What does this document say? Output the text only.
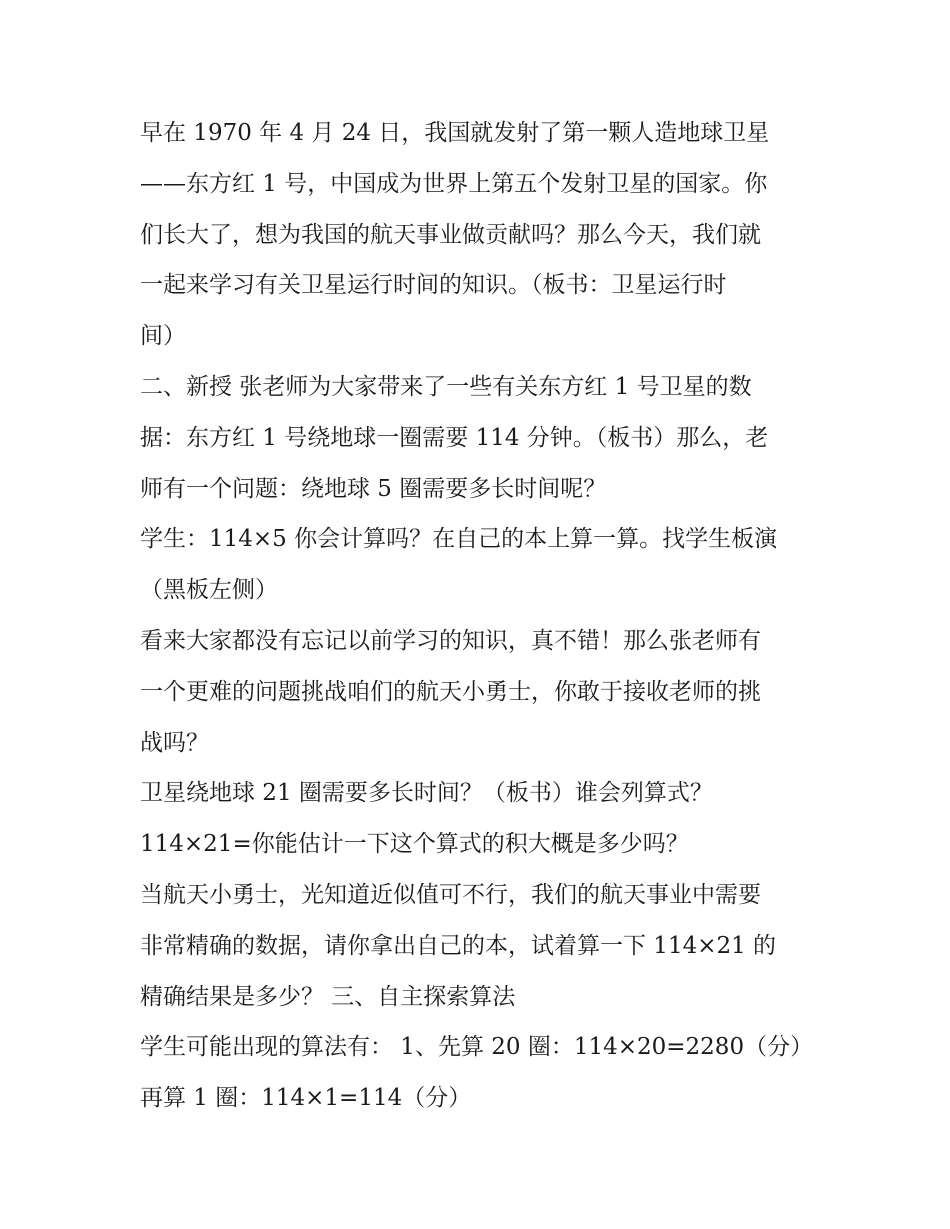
早在 1970 年 4 月 24 日，我国就发射了第一颗人造地球卫星
——东方红 1 号，中国成为世界上第五个发射卫星的国家。你
们长大了，想为我国的航天事业做贡献吗？那么今天，我们就
一起来学习有关卫星运行时间的知识。（板书：卫星运行时
间）
二、新授 张老师为大家带来了一些有关东方红 1 号卫星的数
据：东方红 1 号绕地球一圈需要 114 分钟。（板书）那么，老
师有一个问题：绕地球 5 圈需要多长时间呢？
学生：114×5 你会计算吗？在自己的本上算一算。找学生板演
（黑板左侧）
看来大家都没有忘记以前学习的知识，真不错！那么张老师有
一个更难的问题挑战咱们的航天小勇士，你敢于接收老师的挑
战吗？
卫星绕地球 21 圈需要多长时间？（板书）谁会列算式？
114×21=你能估计一下这个算式的积大概是多少吗？
当航天小勇士，光知道近似值可不行，我们的航天事业中需要
非常精确的数据，请你拿出自己的本，试着算一下 114×21 的
精确结果是多少？ 三、自主探索算法
学生可能出现的算法有： 1、先算 20 圈：114×20=2280（分）
再算 1 圈：114×1=114（分）
